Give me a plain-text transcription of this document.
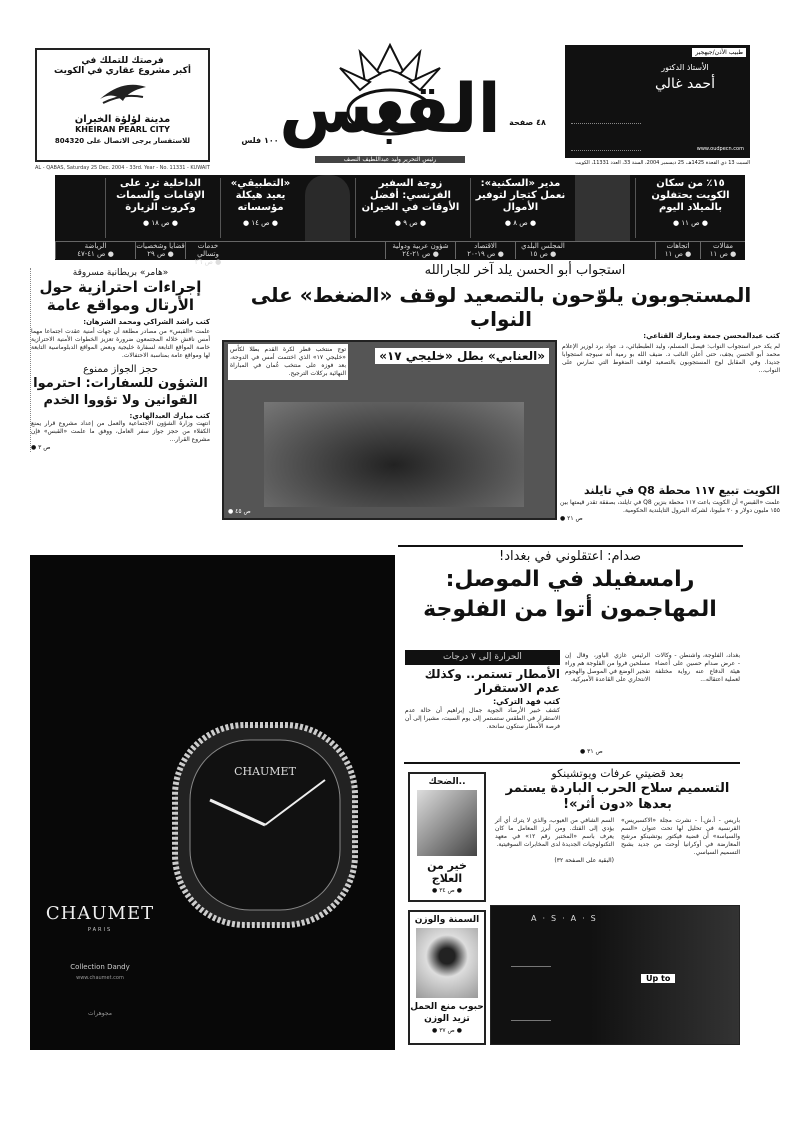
فرصتك للتملك في
أكبر مشروع عقاري في الكويت
مدينة لؤلؤة الخيران
KHEIRAN PEARL CITY
للاستفسار يرجى الاتصال على 804320
AL - QABAS, Saturday 25 Dec. 2004 - 33rd. Year - No. 11331 - KUWAIT
القبس
١٠٠ فلس
٤٨ صفحة
رئيس التحرير وليد عبداللطيف النصف
طبيب الأذن/جيهجير
الأستاذ الدكتور
أحمد غالي
www.oudpecn.com
السبت 13 ذي القعدة 1425هـ، 25 ديسمبر 2004، السنة 33، العدد 11331، الكويت
١٥٪ من سكان الكويت يحتفلون بالميلاد اليوم
● ص ١١ ●
مدير «السكنية»: نعمل كتجار لتوفير الأموال
● ص ٨ ●
زوجة السفير الفرنسي: أفضل الأوقات في الخيران
● ص ٩ ●
«التطبيقي» يعيد هيكلة مؤسساته
● ص ١٤ ●
الداخلية ترد على الإقامات والسمات وكروت الزيارة
● ص ١٨ ●
مقالات
● ص ١١
اتجاهات
● ص ١١
المجلس البلدي
● ص ١٥
الاقتصاد
● ص ١٩-٢٠
شؤون عربية ودولية
● ص ٢١-٢٤
خدمات وتسالي
● ص ٢٦
قضايا وشخصيات
● ص ٢٩
الرياضة
● ص ٤١-٤٧
استجواب أبو الحسن يلد آخر للجارالله
المستجوبون يلوّحون بالتصعيد لوقف «الضغط» على النواب
كتب عبدالمحسن جمعة ومبارك القناعي:
لم يكد حبر استجواب النواب: فيصل المسلم، وليد الطبطبائي، د. عواد برد لوزير الإعلام محمد أبو الحسن يجف، حتى أعلن النائب د. ضيف الله بو رمية أنه سيوجه استجوابا جديدا. وفي المقابل لوح المستجوبون بالتصعيد لوقف الضغوط التي تمارس على النواب...
«العنابي» بطل «خليجي ١٧»
توج منتخب قطر لكرة القدم بطلا لكأس «خليجي ١٧» الذي اختتمت أمس في الدوحة، بعد فوزه على منتخب عُمان في المباراة النهائية بركلات الترجيح.
● ص ٤٥
الكويت تبيع ١١٧ محطة Q8 في تايلند
علمت «القبس» أن الكويت باعت ١١٧ محطة بنزين Q8 في تايلند، بصفقة تقدر قيمتها بين ١٥٥ مليون دولار و ٢٠ مليونا، لشركة البترول التايلندية الحكومية.
● ص ٢١
«هامر» بريطانية مسروقة
إجراءات احترازية حول الأرتال ومواقع عامة
كتب راشد الشراكي ومحمد الشرهان:
علمت «القبس» من مصادر مطلعة أن جهات أمنية عقدت اجتماعا مهما أمس ناقش خلاله المجتمعون ضرورة تعزيز الخطوات الأمنية الاحترازية خاصة المواقع التابعة لسفارة خليجية وبعض المواقع الدبلوماسية التابعة لها ومواقع عامة بمناسبة الاحتفالات.
حجز الجواز ممنوع
الشؤون للسفارات: احترموا القوانين ولا تؤووا الخدم
كتب مبارك العبدالهادي:
انتهت وزارة الشؤون الاجتماعية والعمل من إعداد مشروع قرار يمنع الكفلاء من حجز جواز سفر العامل، ووفق ما علمت «القبس» فإن مشروع القرار...
● ص ٣
CHAUMET
CHAUMET
PARIS
Collection Dandy
www.chaumet.com
مجوهرات
صدام: اعتقلوني في بغداد!
رامسفيلد في الموصل:
المهاجمون أتوا من الفلوجة
بغداد، الفلوجة، واشنطن - وكالات - عرض صدام حسين على أعضاء هيئة الدفاع عنه رواية مختلفة لعملية اعتقاله...
الرئيس غازي الياور، وقال إن مسلحين فروا من الفلوجة هم وراء تفجير الوضع في الموصل والهجوم الانتحاري على القاعدة الأميركية.
● ص ٣١
الحرارة إلى ٧ درجات
الأمطار تستمر.. وكذلك عدم الاستقرار
كتب فهد التركي:
كشف خبير الأرصاد الجوية جمال إبراهيم أن حالة عدم الاستقرار في الطقس ستستمر إلى يوم السبت، مشيرا إلى أن فرصة الأمطار ستكون سانحة.
بعد قضيتي عرفات ويوتشينكو
التسميم سلاح الحرب الباردة يستمر بعدها «دون أثر»!
باريس - أ.ش.أ - نشرت مجلة «الاكسبريس» الفرنسية في تحليل لها تحت عنوان «السم والسياسة» أن قضية فيكتور يوتشينكو مرشح المعارضة في أوكرانيا أوحت من جديد بشبح التسميم السياسي.
السم الشافي من العيوب، والذي لا يترك أي أثر يؤدي إلى الفتك. ومن أبرز المعامل ما كان يعرف باسم «المختبر رقم ١٢» في معهد التكنولوجيات الجديدة لدى المخابرات السوفيتية.
(البقية على الصفحة ٣٢)
الضحك..
خير من العلاج
● ص ٣٤ ●
السمنة والوزن
حبوب منع الحمل تزيد الوزن
● ص ٣٧ ●
A·S·A·S
Up to
